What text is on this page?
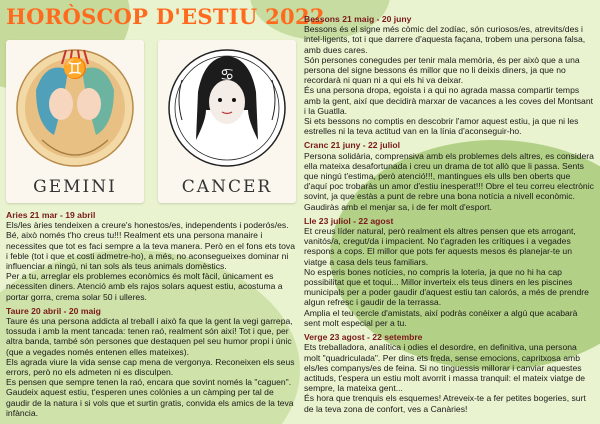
HORÒSCOP D'ESTIU 2022
♊
GEMINI
♋
CANCER

Aries 21 mar - 19 abril

Els/les àries tendeixen a creure's honestos/es, independents i poderós/es. Bé, això només t'ho creus tu!!! Realment ets una persona manaire i necessites que tot es faci sempre a la teva manera. Però en el fons ets tova i feble (tot i que et costi admetre-ho), a més, no aconsegueixes dominar ni influenciar a ningú, ni tan sols als teus animals domèstics.

Per a tu, arreglar els problemes econòmics és molt fàcil, únicament es necessiten diners. Atenció amb els rajos solars aquest estiu, acostuma a portar gorra, crema solar 50 i ulleres.

Taure 20 abril - 20 maig

Taure és una persona addicta al treball i això fa que la gent la vegi garrepa, tossuda i amb la ment tancada: tenen raó, realment són així! Tot i que, per altra banda, també són persones que destaquen pel seu humor propi i únic (que a vegades només entenen elles mateixes).

Els agrada viure la vida sense cap mena de vergonya. Reconeixen els seus errors, però no els admeten ni es disculpen.

Es pensen que sempre tenen la raó, encara que sovint només la "caguen".

Gaudeix aquest estiu, t'esperen unes colònies a un càmping per tal de gaudir de la natura i si vols que et surtin gratis, convida els amics de la teva infància.

Bessons 21 maig - 20 juny

Bessons és el signe més còmic del zodíac, són curiosos/es, atrevits/des i intel·ligents, tot i que darrere d'aquesta façana, trobem una persona falsa, amb dues cares.

Són persones conegudes per tenir mala memòria, és per això que a una persona del signe bessons és millor que no li deixis diners, ja que no recordarà ni quan ni a qui els hi va deixar.

És una persona dropa, egoista i a qui no agrada massa compartir temps amb la gent, així que decidirà marxar de vacances a les coves del Montsant i la Guatlla.

Si ets bessons no comptis en descobrir l'amor aquest estiu, ja que ni les estrelles ni la teva actitud van en la línia d'aconseguir-ho.

Cranc 21 juny - 22 juliol

Persona solidària, comprensiva amb els problemes dels altres, es considera ella mateixa desafortunada i creu un drama de tot allò que li passa. Sents que ningú t'estima, però atenció!!!, mantingues els ulls ben oberts que d'aquí poc trobaràs un amor d'estiu inesperat!!! Obre el teu correu electrònic sovint, ja que estàs a punt de rebre una bona notícia a nivell econòmic.

Gaudiràs amb el menjar sa, i de fer molt d'esport.

Lle 23 juliol - 22 agost

Et creus líder natural, però realment els altres pensen que ets arrogant, vanitós/a, cregut/da i impacient. No t'agraden les crítiques i a vegades respons a cops. El millor que pots fer aquests mesos és planejar-te un viatge a casa dels teus familiars.

No esperis bones notícies, no compris la loteria, ja que no hi ha cap possibilitat que et toqui... Millor inverteix els teus diners en les piscines municipals per a poder gaudir d'aquest estiu tan calorós, a més de prendre algun refresc i gaudir de la terrassa.

Amplia el teu cercle d'amistats, així podràs conèixer a algú que acabarà sent molt especial per a tu.

Verge 23 agost - 22 setembre

Ets treballadora, analítica i odies el desordre, en definitiva, una persona molt "quadriculada". Per dins ets freda, sense emocions, capritxosa amb els/les companys/es de feina. Si no tinguessis millorar i canviar aquestes actituds, t'espera un estiu molt avorrit i massa tranquil: el mateix viatge de sempre, la mateixa gent...

És hora que trenquis els esquemes! Atreveix-te a fer petites bogeries, surt de la teva zona de confort, ves a Canàries!
